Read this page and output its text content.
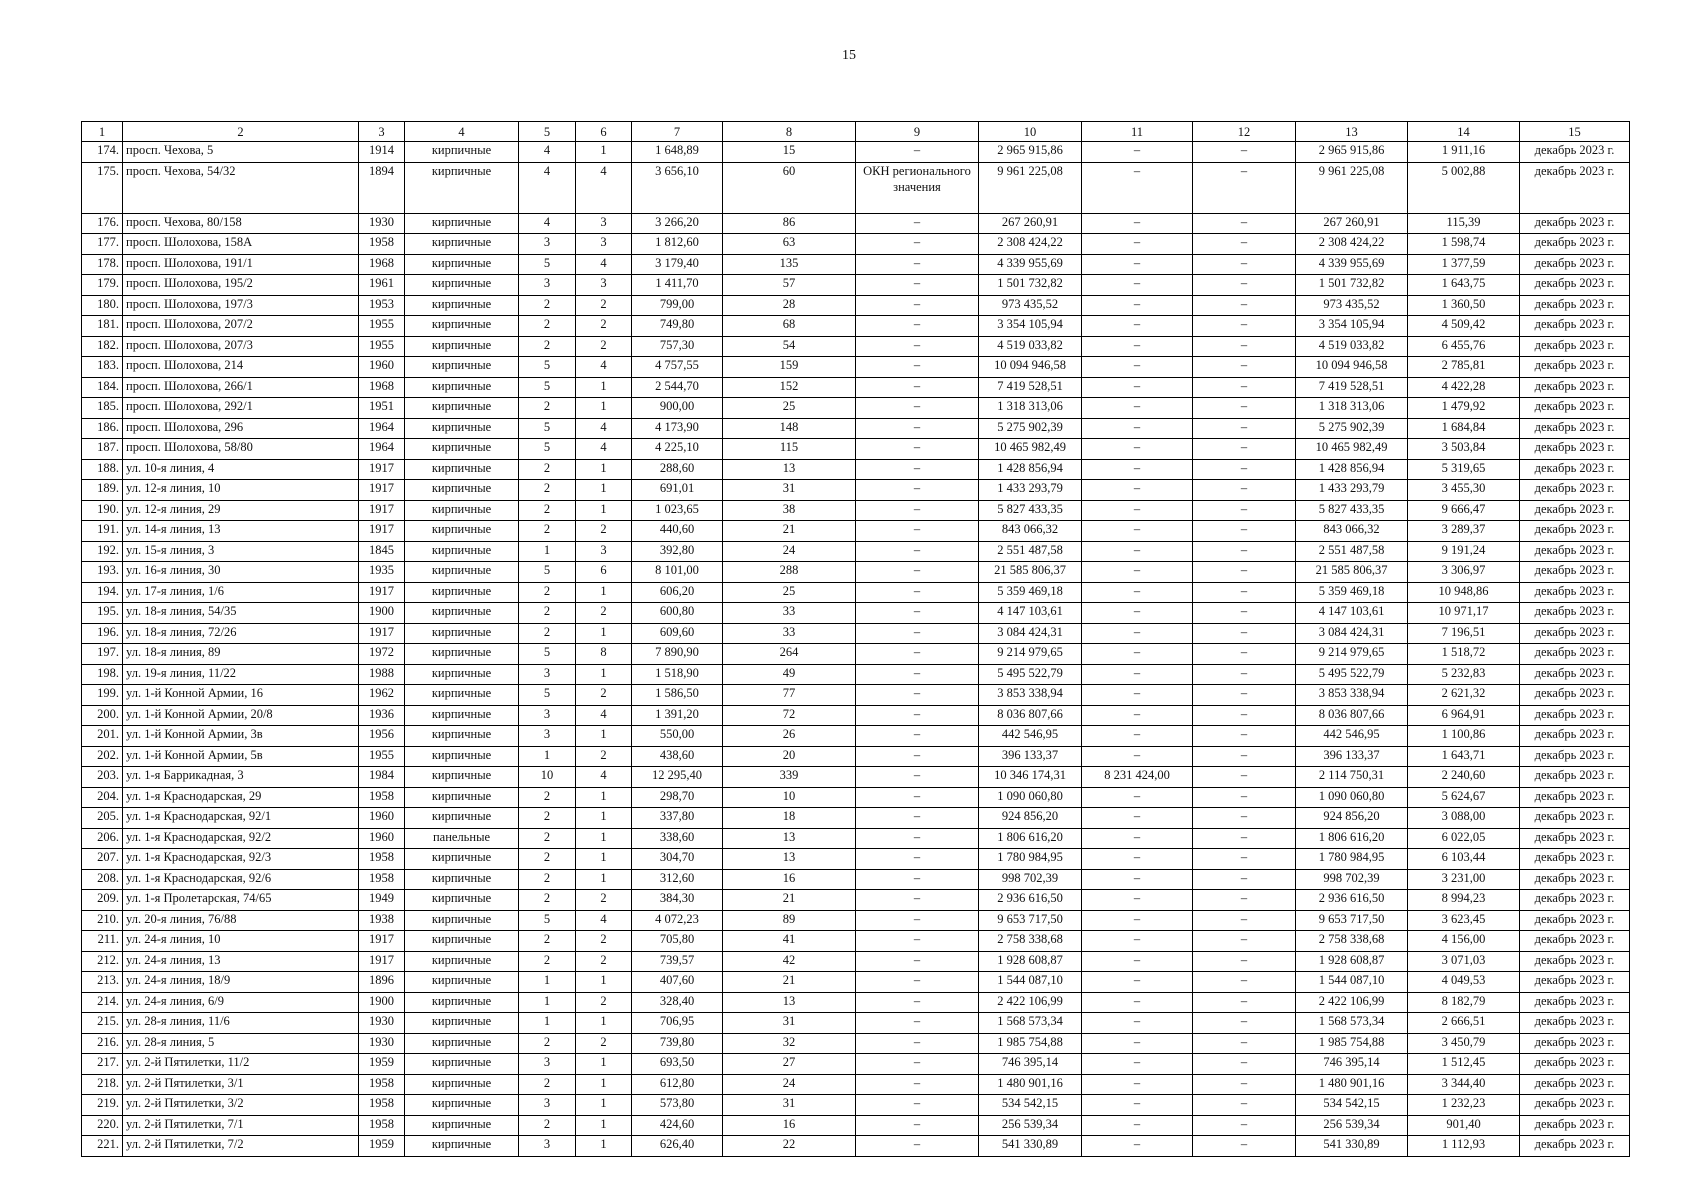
15
1	2	3	4	5	6	7	8	9	10	11	12	13	14	15
174.	просп. Чехова, 5	1914	кирпичные	4	1	1 648,89	15	–	2 965 915,86	–	–	2 965 915,86	1 911,16	декабрь 2023 г.
175.	просп. Чехова, 54/32	1894	кирпичные	4	4	3 656,10	60	ОКН регионального значения	9 961 225,08	–	–	9 961 225,08	5 002,88	декабрь 2023 г.
176.	просп. Чехова, 80/158	1930	кирпичные	4	3	3 266,20	86	–	267 260,91	–	–	267 260,91	115,39	декабрь 2023 г.
177.	просп. Шолохова, 158А	1958	кирпичные	3	3	1 812,60	63	–	2 308 424,22	–	–	2 308 424,22	1 598,74	декабрь 2023 г.
178.	просп. Шолохова, 191/1	1968	кирпичные	5	4	3 179,40	135	–	4 339 955,69	–	–	4 339 955,69	1 377,59	декабрь 2023 г.
179.	просп. Шолохова, 195/2	1961	кирпичные	3	3	1 411,70	57	–	1 501 732,82	–	–	1 501 732,82	1 643,75	декабрь 2023 г.
180.	просп. Шолохова, 197/3	1953	кирпичные	2	2	799,00	28	–	973 435,52	–	–	973 435,52	1 360,50	декабрь 2023 г.
181.	просп. Шолохова, 207/2	1955	кирпичные	2	2	749,80	68	–	3 354 105,94	–	–	3 354 105,94	4 509,42	декабрь 2023 г.
182.	просп. Шолохова, 207/3	1955	кирпичные	2	2	757,30	54	–	4 519 033,82	–	–	4 519 033,82	6 455,76	декабрь 2023 г.
183.	просп. Шолохова, 214	1960	кирпичные	5	4	4 757,55	159	–	10 094 946,58	–	–	10 094 946,58	2 785,81	декабрь 2023 г.
184.	просп. Шолохова, 266/1	1968	кирпичные	5	1	2 544,70	152	–	7 419 528,51	–	–	7 419 528,51	4 422,28	декабрь 2023 г.
185.	просп. Шолохова, 292/1	1951	кирпичные	2	1	900,00	25	–	1 318 313,06	–	–	1 318 313,06	1 479,92	декабрь 2023 г.
186.	просп. Шолохова, 296	1964	кирпичные	5	4	4 173,90	148	–	5 275 902,39	–	–	5 275 902,39	1 684,84	декабрь 2023 г.
187.	просп. Шолохова, 58/80	1964	кирпичные	5	4	4 225,10	115	–	10 465 982,49	–	–	10 465 982,49	3 503,84	декабрь 2023 г.
188.	ул. 10-я линия, 4	1917	кирпичные	2	1	288,60	13	–	1 428 856,94	–	–	1 428 856,94	5 319,65	декабрь 2023 г.
189.	ул. 12-я линия, 10	1917	кирпичные	2	1	691,01	31	–	1 433 293,79	–	–	1 433 293,79	3 455,30	декабрь 2023 г.
190.	ул. 12-я линия, 29	1917	кирпичные	2	1	1 023,65	38	–	5 827 433,35	–	–	5 827 433,35	9 666,47	декабрь 2023 г.
191.	ул. 14-я линия, 13	1917	кирпичные	2	2	440,60	21	–	843 066,32	–	–	843 066,32	3 289,37	декабрь 2023 г.
192.	ул. 15-я линия, 3	1845	кирпичные	1	3	392,80	24	–	2 551 487,58	–	–	2 551 487,58	9 191,24	декабрь 2023 г.
193.	ул. 16-я линия, 30	1935	кирпичные	5	6	8 101,00	288	–	21 585 806,37	–	–	21 585 806,37	3 306,97	декабрь 2023 г.
194.	ул. 17-я линия, 1/6	1917	кирпичные	2	1	606,20	25	–	5 359 469,18	–	–	5 359 469,18	10 948,86	декабрь 2023 г.
195.	ул. 18-я линия, 54/35	1900	кирпичные	2	2	600,80	33	–	4 147 103,61	–	–	4 147 103,61	10 971,17	декабрь 2023 г.
196.	ул. 18-я линия, 72/26	1917	кирпичные	2	1	609,60	33	–	3 084 424,31	–	–	3 084 424,31	7 196,51	декабрь 2023 г.
197.	ул. 18-я линия, 89	1972	кирпичные	5	8	7 890,90	264	–	9 214 979,65	–	–	9 214 979,65	1 518,72	декабрь 2023 г.
198.	ул. 19-я линия, 11/22	1988	кирпичные	3	1	1 518,90	49	–	5 495 522,79	–	–	5 495 522,79	5 232,83	декабрь 2023 г.
199.	ул. 1-й Конной Армии, 16	1962	кирпичные	5	2	1 586,50	77	–	3 853 338,94	–	–	3 853 338,94	2 621,32	декабрь 2023 г.
200.	ул. 1-й Конной Армии, 20/8	1936	кирпичные	3	4	1 391,20	72	–	8 036 807,66	–	–	8 036 807,66	6 964,91	декабрь 2023 г.
201.	ул. 1-й Конной Армии, 3в	1956	кирпичные	3	1	550,00	26	–	442 546,95	–	–	442 546,95	1 100,86	декабрь 2023 г.
202.	ул. 1-й Конной Армии, 5в	1955	кирпичные	1	2	438,60	20	–	396 133,37	–	–	396 133,37	1 643,71	декабрь 2023 г.
203.	ул. 1-я Баррикадная, 3	1984	кирпичные	10	4	12 295,40	339	–	10 346 174,31	8 231 424,00	–	2 114 750,31	2 240,60	декабрь 2023 г.
204.	ул. 1-я Краснодарская, 29	1958	кирпичные	2	1	298,70	10	–	1 090 060,80	–	–	1 090 060,80	5 624,67	декабрь 2023 г.
205.	ул. 1-я Краснодарская, 92/1	1960	кирпичные	2	1	337,80	18	–	924 856,20	–	–	924 856,20	3 088,00	декабрь 2023 г.
206.	ул. 1-я Краснодарская, 92/2	1960	панельные	2	1	338,60	13	–	1 806 616,20	–	–	1 806 616,20	6 022,05	декабрь 2023 г.
207.	ул. 1-я Краснодарская, 92/3	1958	кирпичные	2	1	304,70	13	–	1 780 984,95	–	–	1 780 984,95	6 103,44	декабрь 2023 г.
208.	ул. 1-я Краснодарская, 92/6	1958	кирпичные	2	1	312,60	16	–	998 702,39	–	–	998 702,39	3 231,00	декабрь 2023 г.
209.	ул. 1-я Пролетарская, 74/65	1949	кирпичные	2	2	384,30	21	–	2 936 616,50	–	–	2 936 616,50	8 994,23	декабрь 2023 г.
210.	ул. 20-я линия, 76/88	1938	кирпичные	5	4	4 072,23	89	–	9 653 717,50	–	–	9 653 717,50	3 623,45	декабрь 2023 г.
211.	ул. 24-я линия, 10	1917	кирпичные	2	2	705,80	41	–	2 758 338,68	–	–	2 758 338,68	4 156,00	декабрь 2023 г.
212.	ул. 24-я линия, 13	1917	кирпичные	2	2	739,57	42	–	1 928 608,87	–	–	1 928 608,87	3 071,03	декабрь 2023 г.
213.	ул. 24-я линия, 18/9	1896	кирпичные	1	1	407,60	21	–	1 544 087,10	–	–	1 544 087,10	4 049,53	декабрь 2023 г.
214.	ул. 24-я линия, 6/9	1900	кирпичные	1	2	328,40	13	–	2 422 106,99	–	–	2 422 106,99	8 182,79	декабрь 2023 г.
215.	ул. 28-я линия, 11/6	1930	кирпичные	1	1	706,95	31	–	1 568 573,34	–	–	1 568 573,34	2 666,51	декабрь 2023 г.
216.	ул. 28-я линия, 5	1930	кирпичные	2	2	739,80	32	–	1 985 754,88	–	–	1 985 754,88	3 450,79	декабрь 2023 г.
217.	ул. 2-й Пятилетки, 11/2	1959	кирпичные	3	1	693,50	27	–	746 395,14	–	–	746 395,14	1 512,45	декабрь 2023 г.
218.	ул. 2-й Пятилетки, 3/1	1958	кирпичные	2	1	612,80	24	–	1 480 901,16	–	–	1 480 901,16	3 344,40	декабрь 2023 г.
219.	ул. 2-й Пятилетки, 3/2	1958	кирпичные	3	1	573,80	31	–	534 542,15	–	–	534 542,15	1 232,23	декабрь 2023 г.
220.	ул. 2-й Пятилетки, 7/1	1958	кирпичные	2	1	424,60	16	–	256 539,34	–	–	256 539,34	901,40	декабрь 2023 г.
221.	ул. 2-й Пятилетки, 7/2	1959	кирпичные	3	1	626,40	22	–	541 330,89	–	–	541 330,89	1 112,93	декабрь 2023 г.
